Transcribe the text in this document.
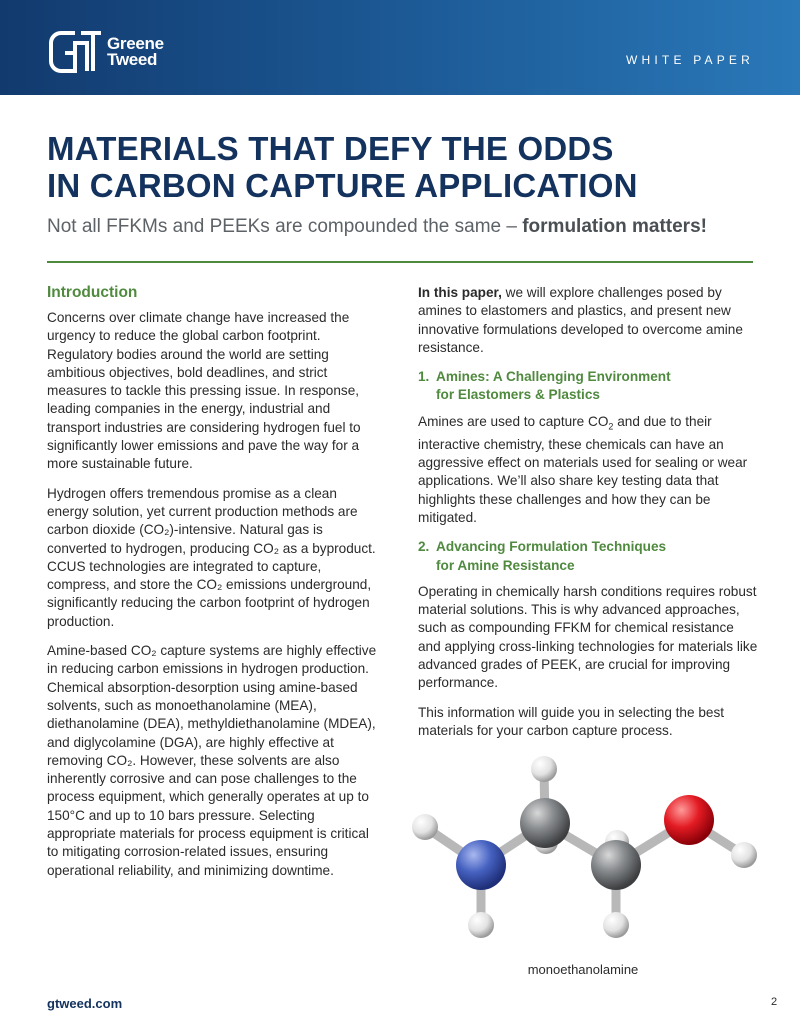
Greene
Tweed	WHITE PAPER
MATERIALS THAT DEFY THE ODDS
IN CARBON CAPTURE APPLICATION

Not all FFKMs and PEEKs are compounded the same – formulation matters!

Introduction

Concerns over climate change have increased the urgency to reduce the global carbon footprint. Regulatory bodies around the world are setting ambitious objectives, bold deadlines, and strict measures to tackle this pressing issue. In response, leading companies in the energy, industrial and transport industries are considering hydrogen fuel to significantly lower emissions and pave the way for a more sustainable future.

Hydrogen offers tremendous promise as a clean energy solution, yet current production methods are carbon dioxide (CO₂)-intensive. Natural gas is converted to hydrogen, producing CO₂ as a byproduct. CCUS technologies are integrated to capture, compress, and store the CO₂ emissions underground, significantly reducing the carbon footprint of hydrogen production.

Amine-based CO₂ capture systems are highly effective in reducing carbon emissions in hydrogen production. Chemical absorption-desorption using amine-based solvents, such as monoethanolamine (MEA), diethanolamine (DEA), methyldiethanolamine (MDEA), and diglycolamine (DGA), are highly effective at removing CO₂. However, these solvents are also inherently corrosive and can pose challenges to the process equipment, which generally operates at up to 150°C and up to 10 bars pressure. Selecting appropriate materials for process equipment is critical to mitigating corrosion-related issues, ensuring operational reliability, and minimizing downtime.

In this paper, we will explore challenges posed by amines to elastomers and plastics, and present new innovative formulations developed to overcome amine resistance.

1. Amines: A Challenging Environment
for Elastomers & Plastics

Amines are used to capture $CO_2$ and due to their interactive chemistry, these chemicals can have an aggressive effect on materials used for sealing or wear applications. We’ll also share key testing data that highlights these challenges and how they can be mitigated.

2. Advancing Formulation Techniques
for Amine Resistance

Operating in chemically harsh conditions requires robust material solutions. This is why advanced approaches, such as compounding FFKM for chemical resistance and applying cross-linking technologies for materials like advanced grades of PEEK, are crucial for improving performance.

This information will guide you in selecting the best materials for your carbon capture process.

monoethanolamine
gtweed.com	2
